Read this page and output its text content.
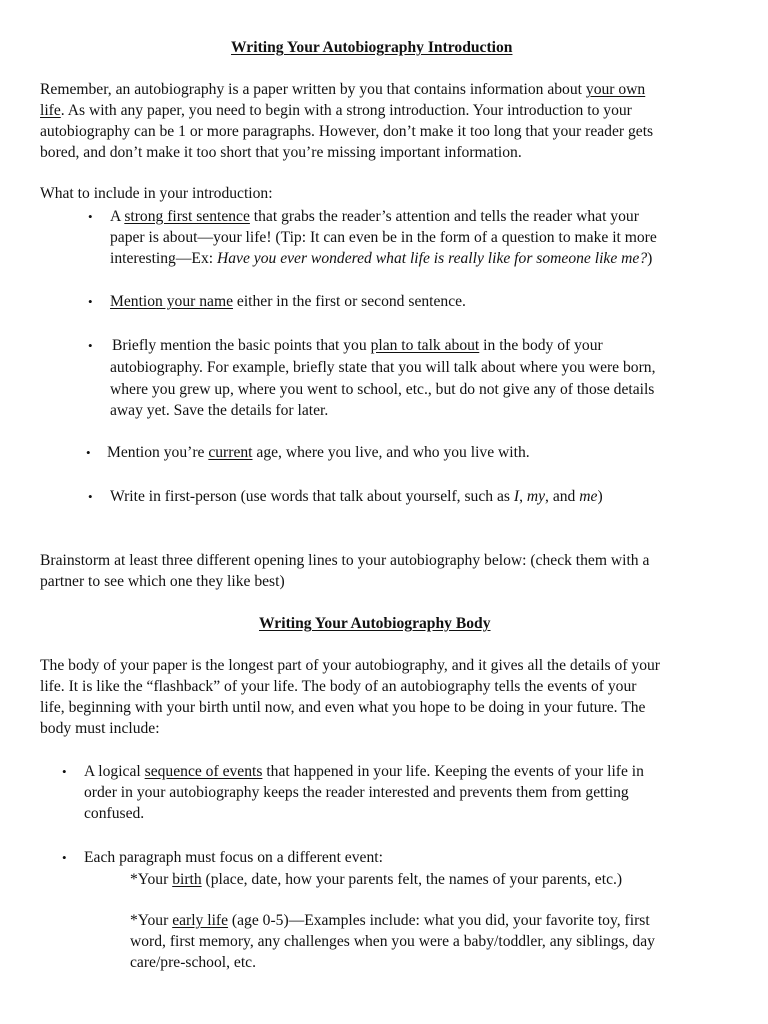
Writing Your Autobiography Introduction
Remember, an autobiography is a paper written by you that contains information about your own
life. As with any paper, you need to begin with a strong introduction. Your introduction to your
autobiography can be 1 or more paragraphs. However, don’t make it too long that your reader gets
bored, and don’t make it too short that you’re missing important information.
What to include in your introduction:
• A strong first sentence that grabs the reader’s attention and tells the reader what your
paper is about—your life! (Tip: It can even be in the form of a question to make it more
interesting—Ex: Have you ever wondered what life is really like for someone like me?)
• Mention your name either in the first or second sentence.
• Briefly mention the basic points that you plan to talk about in the body of your
autobiography. For example, briefly state that you will talk about where you were born,
where you grew up, where you went to school, etc., but do not give any of those details
away yet. Save the details for later.
• Mention you’re current age, where you live, and who you live with.
• Write in first-person (use words that talk about yourself, such as I, my, and me)
Brainstorm at least three different opening lines to your autobiography below: (check them with a
partner to see which one they like best)
Writing Your Autobiography Body
The body of your paper is the longest part of your autobiography, and it gives all the details of your
life. It is like the “flashback” of your life. The body of an autobiography tells the events of your
life, beginning with your birth until now, and even what you hope to be doing in your future. The
body must include:
• A logical sequence of events that happened in your life. Keeping the events of your life in
order in your autobiography keeps the reader interested and prevents them from getting
confused.
• Each paragraph must focus on a different event:
*Your birth (place, date, how your parents felt, the names of your parents, etc.)
*Your early life (age 0-5)—Examples include: what you did, your favorite toy, first
word, first memory, any challenges when you were a baby/toddler, any siblings, day
care/pre-school, etc.
